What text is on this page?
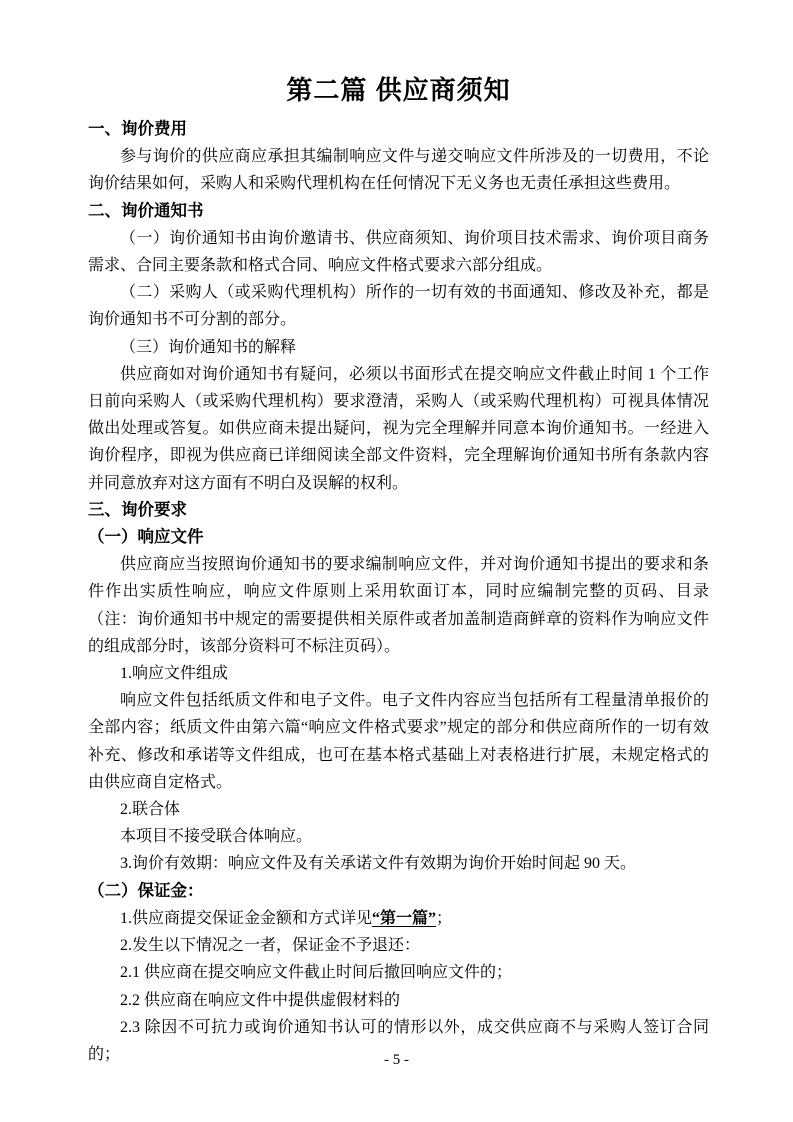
第二篇 供应商须知

一、询价费用

参与询价的供应商应承担其编制响应文件与递交响应文件所涉及的一切费用，不论询价结果如何，采购人和采购代理机构在任何情况下无义务也无责任承担这些费用。

二、询价通知书

（一）询价通知书由询价邀请书、供应商须知、询价项目技术需求、询价项目商务需求、合同主要条款和格式合同、响应文件格式要求六部分组成。

（二）采购人（或采购代理机构）所作的一切有效的书面通知、修改及补充，都是询价通知书不可分割的部分。

（三）询价通知书的解释

供应商如对询价通知书有疑问，必须以书面形式在提交响应文件截止时间 1 个工作日前向采购人（或采购代理机构）要求澄清，采购人（或采购代理机构）可视具体情况做出处理或答复。如供应商未提出疑问，视为完全理解并同意本询价通知书。一经进入询价程序，即视为供应商已详细阅读全部文件资料，完全理解询价通知书所有条款内容并同意放弃对这方面有不明白及误解的权利。

三、询价要求

（一）响应文件

供应商应当按照询价通知书的要求编制响应文件，并对询价通知书提出的要求和条件作出实质性响应，响应文件原则上采用软面订本，同时应编制完整的页码、目录（注：询价通知书中规定的需要提供相关原件或者加盖制造商鲜章的资料作为响应文件的组成部分时，该部分资料可不标注页码）。

1.响应文件组成

响应文件包括纸质文件和电子文件。电子文件内容应当包括所有工程量清单报价的全部内容；纸质文件由第六篇“响应文件格式要求”规定的部分和供应商所作的一切有效补充、修改和承诺等文件组成，也可在基本格式基础上对表格进行扩展，未规定格式的由供应商自定格式。

2.联合体

本项目不接受联合体响应。

3.询价有效期：响应文件及有关承诺文件有效期为询价开始时间起 90 天。

（二）保证金：

1.供应商提交保证金金额和方式详见“第一篇”；

2.发生以下情况之一者，保证金不予退还：

2.1 供应商在提交响应文件截止时间后撤回响应文件的；

2.2 供应商在响应文件中提供虚假材料的

2.3 除因不可抗力或询价通知书认可的情形以外，成交供应商不与采购人签订合同的；	- 5 -
